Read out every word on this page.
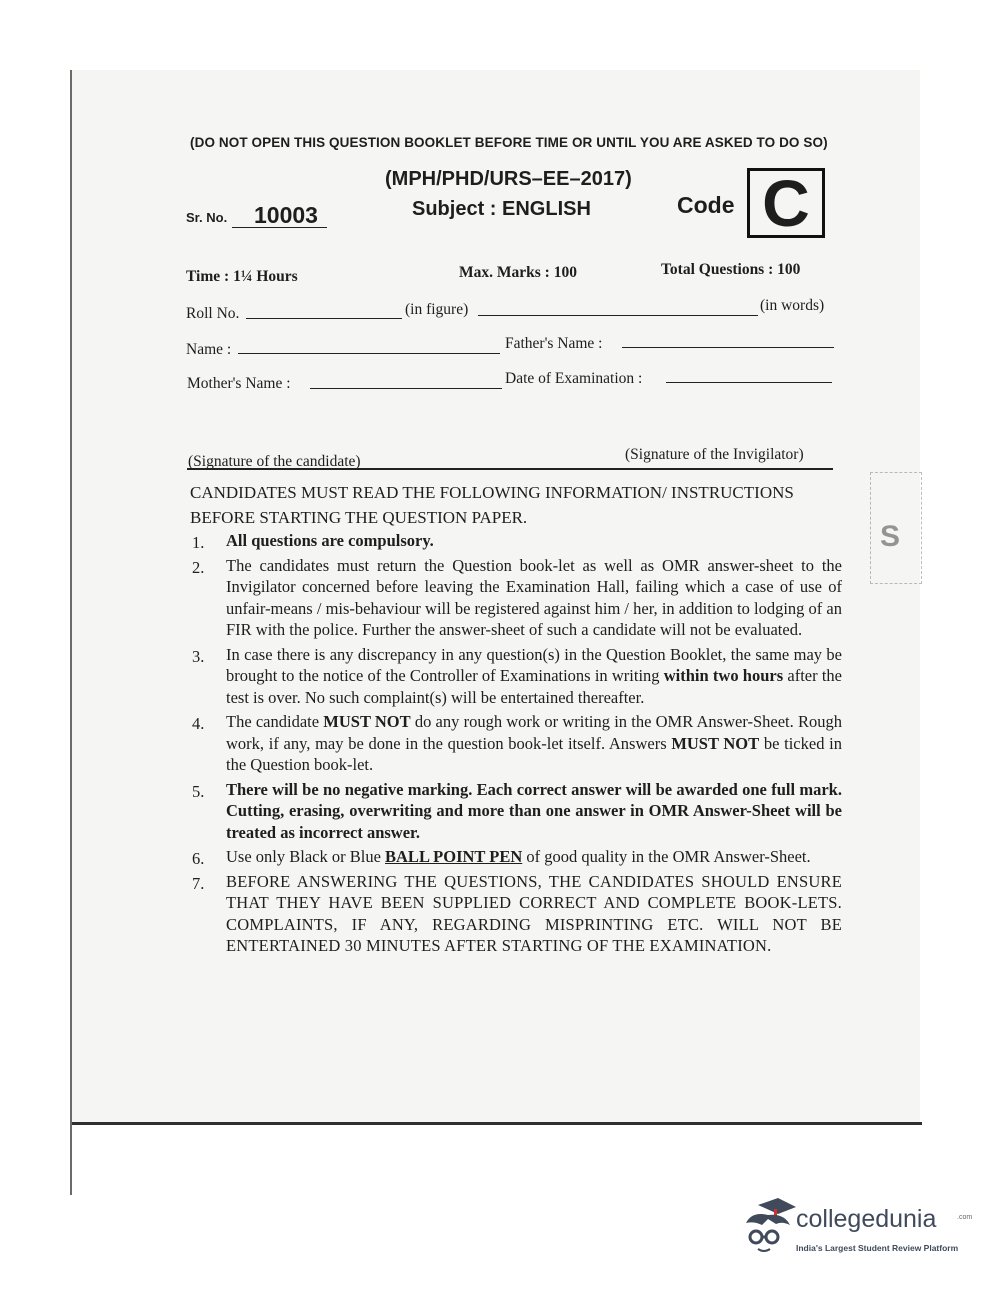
(DO NOT OPEN THIS QUESTION BOOKLET BEFORE TIME OR UNTIL YOU ARE ASKED TO DO SO)
(MPH/PHD/URS–EE–2017)
Subject : ENGLISH
Sr. No. 10003	Code C
Time : 1¼ Hours	Max. Marks : 100	Total Questions : 100
Roll No.	(in figure)	(in words)
Name :	Father's Name :
Mother's Name :	Date of Examination :
(Signature of the candidate)	(Signature of the Invigilator)
CANDIDATES MUST READ THE FOLLOWING INFORMATION/ INSTRUCTIONS BEFORE STARTING THE QUESTION PAPER.
1. All questions are compulsory.
2. The candidates must return the Question book-let as well as OMR answer-sheet to the Invigilator concerned before leaving the Examination Hall, failing which a case of use of unfair-means / mis-behaviour will be registered against him / her, in addition to lodging of an FIR with the police. Further the answer-sheet of such a candidate will not be evaluated.
3. In case there is any discrepancy in any question(s) in the Question Booklet, the same may be brought to the notice of the Controller of Examinations in writing within two hours after the test is over. No such complaint(s) will be entertained thereafter.
4. The candidate MUST NOT do any rough work or writing in the OMR Answer-Sheet. Rough work, if any, may be done in the question book-let itself. Answers MUST NOT be ticked in the Question book-let.
5. There will be no negative marking. Each correct answer will be awarded one full mark. Cutting, erasing, overwriting and more than one answer in OMR Answer-Sheet will be treated as incorrect answer.
6. Use only Black or Blue BALL POINT PEN of good quality in the OMR Answer-Sheet.
7. BEFORE ANSWERING THE QUESTIONS, THE CANDIDATES SHOULD ENSURE THAT THEY HAVE BEEN SUPPLIED CORRECT AND COMPLETE BOOK-LETS. COMPLAINTS, IF ANY, REGARDING MISPRINTING ETC. WILL NOT BE ENTERTAINED 30 MINUTES AFTER STARTING OF THE EXAMINATION.
S
collegedunia	.com
India's Largest Student Review Platform
